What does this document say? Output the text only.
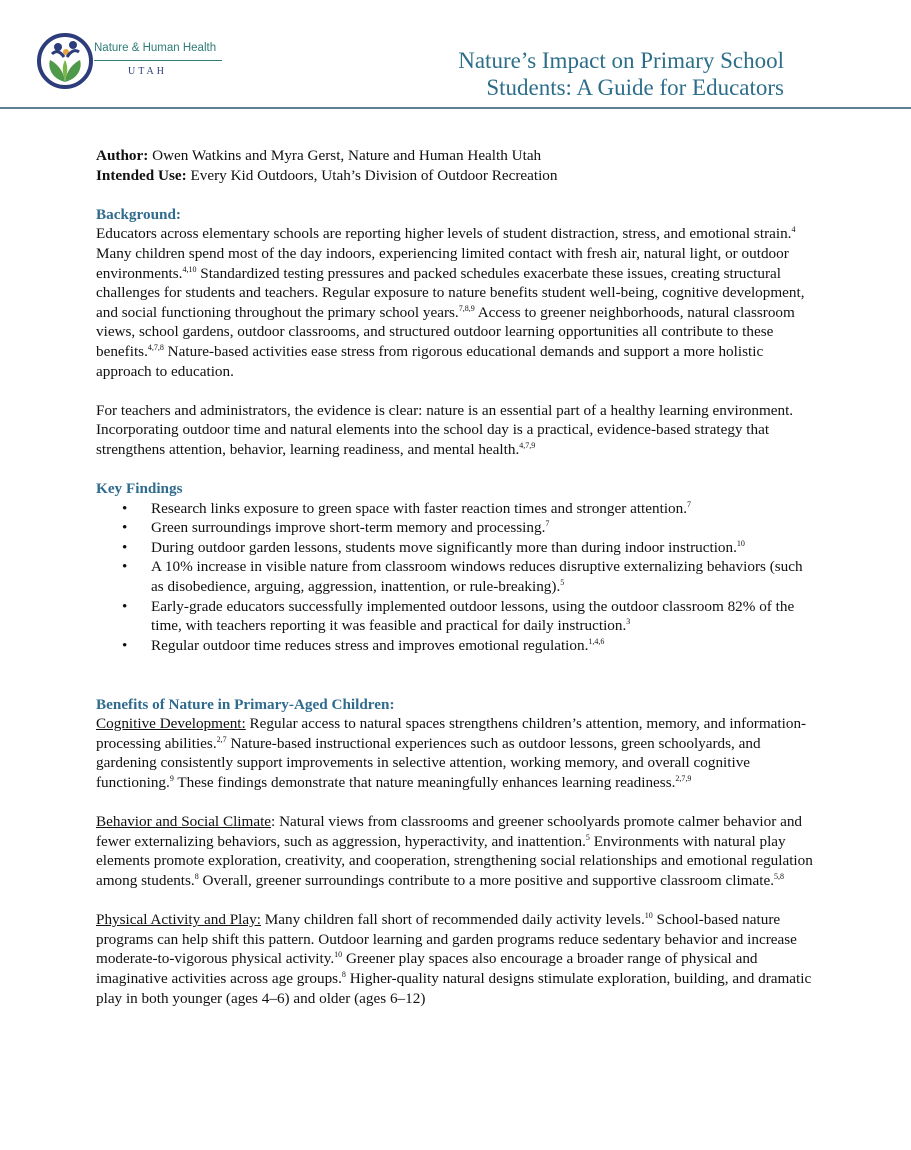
Nature & Human Health
UTAH	Nature’s Impact on Primary School
Students: A Guide for Educators

Author: Owen Watkins and Myra Gerst, Nature and Human Health Utah

Intended Use: Every Kid Outdoors, Utah’s Division of Outdoor Recreation

Background:

Educators across elementary schools are reporting higher levels of student distraction, stress, and emotional strain.$^4$ Many children spend most of the day indoors, experiencing limited contact with fresh air, natural light, or outdoor environments.$^{4,10}$ Standardized testing pressures and packed schedules exacerbate these issues, creating structural challenges for students and teachers. Regular exposure to nature benefits student well-being, cognitive development, and social functioning throughout the primary school years.$^{7,8,9}$ Access to greener neighborhoods, natural classroom views, school gardens, outdoor classrooms, and structured outdoor learning opportunities all contribute to these benefits.$^{4,7,8}$ Nature-based activities ease stress from rigorous educational demands and support a more holistic approach to education.

For teachers and administrators, the evidence is clear: nature is an essential part of a healthy learning environment. Incorporating outdoor time and natural elements into the school day is a practical, evidence-based strategy that strengthens attention, behavior, learning readiness, and mental health.$^{4,7,9}$

Key Findings

• Research links exposure to green space with faster reaction times and stronger attention.$^7$
• Green surroundings improve short-term memory and processing.$^7$
• During outdoor garden lessons, students move significantly more than during indoor instruction.$^{10}$
• A 10% increase in visible nature from classroom windows reduces disruptive externalizing behaviors (such as disobedience, arguing, aggression, inattention, or rule-breaking).$^5$
• Early-grade educators successfully implemented outdoor lessons, using the outdoor classroom 82% of the time, with teachers reporting it was feasible and practical for daily instruction.$^3$
• Regular outdoor time reduces stress and improves emotional regulation.$^{1,4,6}$

Benefits of Nature in Primary-Aged Children:

Cognitive Development: Regular access to natural spaces strengthens children’s attention, memory, and information-processing abilities.$^{2,7}$ Nature-based instructional experiences such as outdoor lessons, green schoolyards, and gardening consistently support improvements in selective attention, working memory, and overall cognitive functioning.$^9$ These findings demonstrate that nature meaningfully enhances learning readiness.$^{2,7,9}$

Behavior and Social Climate: Natural views from classrooms and greener schoolyards promote calmer behavior and fewer externalizing behaviors, such as aggression, hyperactivity, and inattention.$^5$ Environments with natural play elements promote exploration, creativity, and cooperation, strengthening social relationships and emotional regulation among students.$^8$ Overall, greener surroundings contribute to a more positive and supportive classroom climate.$^{5,8}$

Physical Activity and Play: Many children fall short of recommended daily activity levels.$^{10}$ School-based nature programs can help shift this pattern. Outdoor learning and garden programs reduce sedentary behavior and increase moderate-to-vigorous physical activity.$^{10}$ Greener play spaces also encourage a broader range of physical and imaginative activities across age groups.$^8$ Higher-quality natural designs stimulate exploration, building, and dramatic play in both younger (ages 4–6) and older (ages 6–12)
